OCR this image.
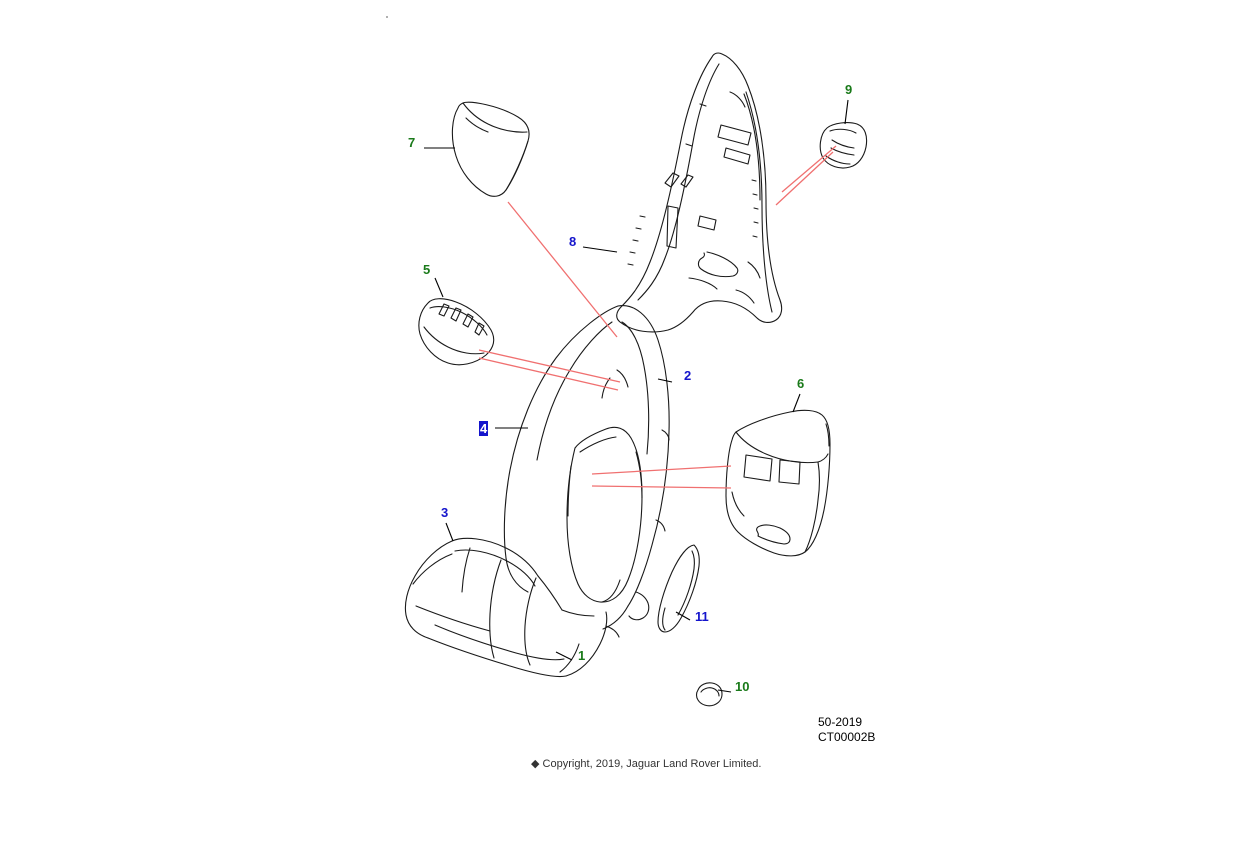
1
2
3
4
5
6
7
8
9
10
11
50-2019
CT00002B
◆ Copyright, 2019, Jaguar Land Rover Limited.
